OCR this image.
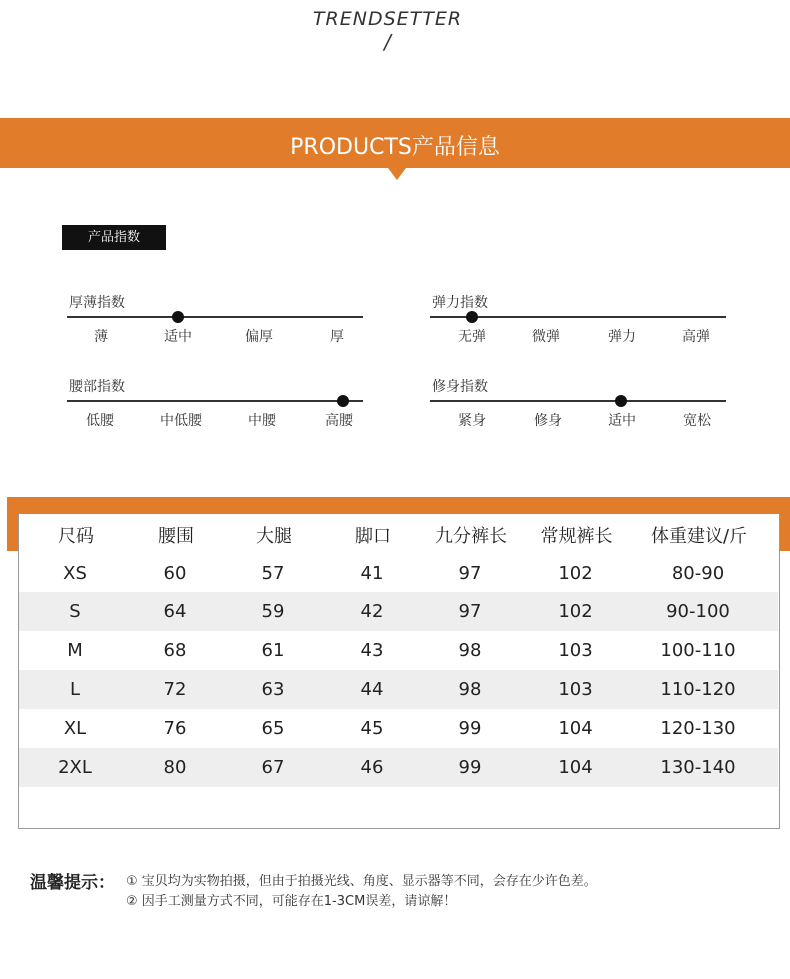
TRENDSETTER
/
PRODUCTS产品信息
产品指数
厚薄指数
薄	适中	偏厚	厚
弹力指数
无弹	微弹	弹力	高弹
腰部指数
低腰	中低腰	中腰	高腰
修身指数
紧身	修身	适中	宽松
尺码	腰围	大腿	脚口	九分裤长	常规裤长	体重建议/斤
XS	60	57	41	97	102	80-90
S	64	59	42	97	102	90-100
M	68	61	43	98	103	100-110
L	72	63	44	98	103	110-120
XL	76	65	45	99	104	120-130
2XL	80	67	46	99	104	130-140
温馨提示： ① 宝贝均为实物拍摄，但由于拍摄光线、角度、显示器等不同，会存在少许色差。
② 因手工测量方式不同，可能存在1-3CM误差，请谅解！
